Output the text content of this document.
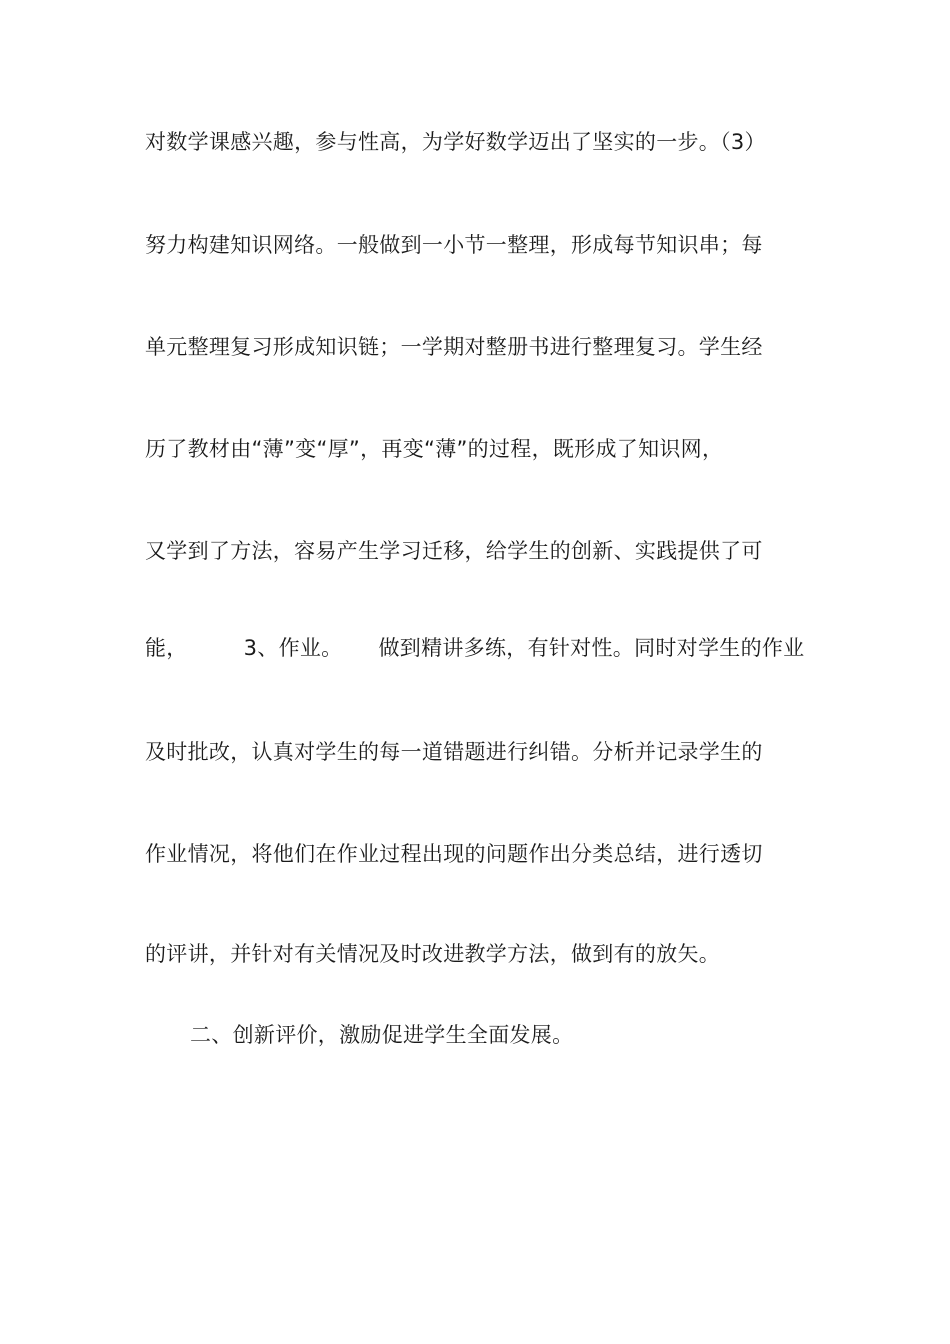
对数学课感兴趣，参与性高，为学好数学迈出了坚实的一步。（3）
努力构建知识网络。一般做到一小节一整理，形成每节知识串；每
单元整理复习形成知识链；一学期对整册书进行整理复习。学生经
历了教材由“薄”变“厚”，再变“薄”的过程，既形成了知识网，
又学到了方法，容易产生学习迁移，给学生的创新、实践提供了可
能，	3、作业。 做到精讲多练，有针对性。同时对学生的作业
及时批改，认真对学生的每一道错题进行纠错。分析并记录学生的
作业情况，将他们在作业过程出现的问题作出分类总结，进行透切
的评讲，并针对有关情况及时改进教学方法，做到有的放矢。
二、创新评价，激励促进学生全面发展。
